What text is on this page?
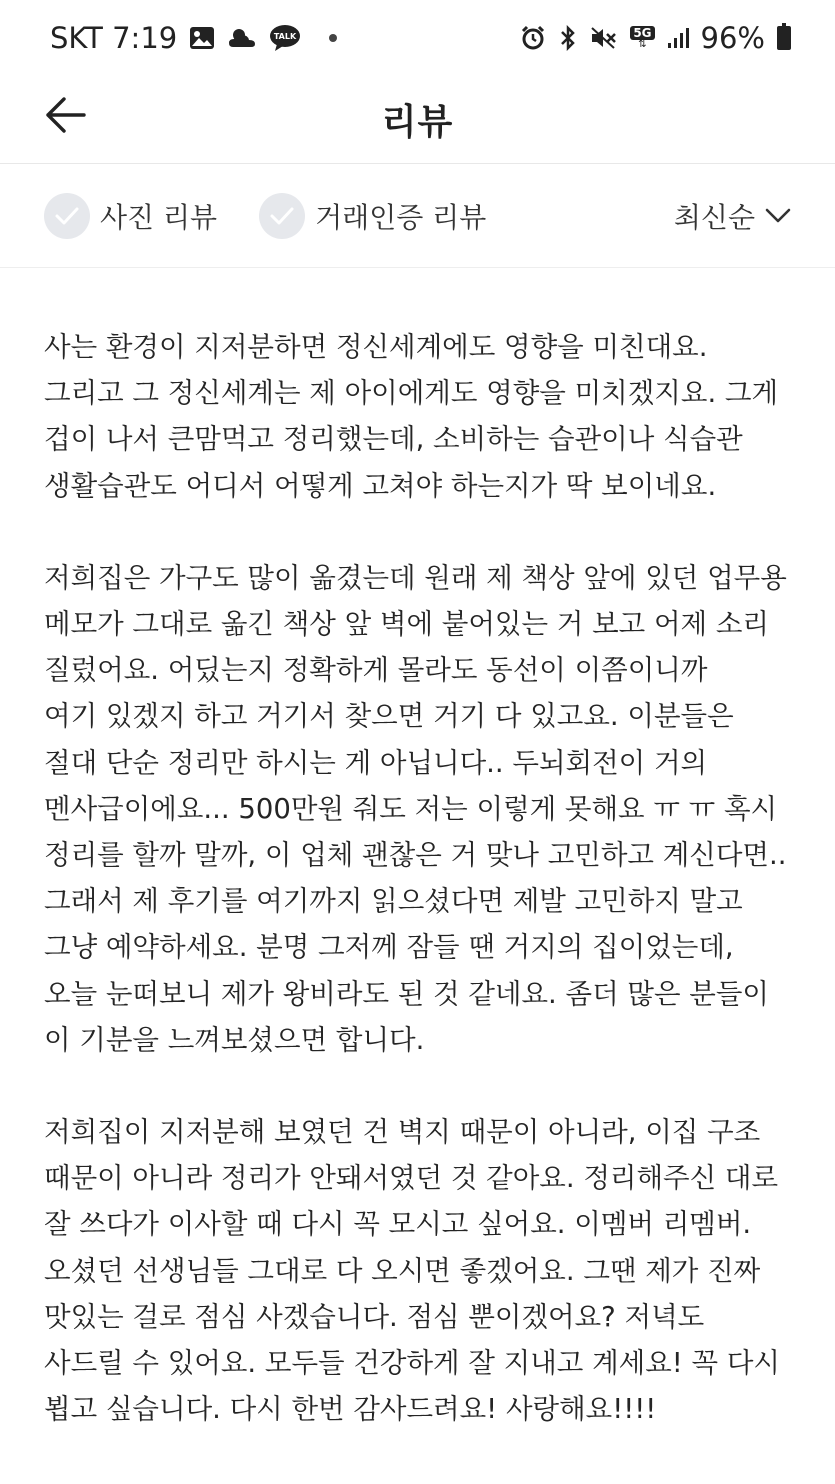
SKT 7:19	TALK	5G
⇅ 96%
리뷰
사진 리뷰	거래인증 리뷰	최신순

사는 환경이 지저분하면 정신세계에도 영향을 미친대요.
그리고 그 정신세계는 제 아이에게도 영향을 미치겠지요. 그게
겁이 나서 큰맘먹고 정리했는데, 소비하는 습관이나 식습관
생활습관도 어디서 어떻게 고쳐야 하는지가 딱 보이네요.

저희집은 가구도 많이 옮겼는데 원래 제 책상 앞에 있던 업무용
메모가 그대로 옮긴 책상 앞 벽에 붙어있는 거 보고 어제 소리
질렀어요. 어딨는지 정확하게 몰라도 동선이 이쯤이니까
여기 있겠지 하고 거기서 찾으면 거기 다 있고요. 이분들은
절대 단순 정리만 하시는 게 아닙니다.. 두뇌회전이 거의
멘사급이에요... 500만원 줘도 저는 이렇게 못해요 ㅠ ㅠ 혹시
정리를 할까 말까, 이 업체 괜찮은 거 맞나 고민하고 계신다면..
그래서 제 후기를 여기까지 읽으셨다면 제발 고민하지 말고
그냥 예약하세요. 분명 그저께 잠들 땐 거지의 집이었는데,
오늘 눈떠보니 제가 왕비라도 된 것 같네요. 좀더 많은 분들이
이 기분을 느껴보셨으면 합니다.

저희집이 지저분해 보였던 건 벽지 때문이 아니라, 이집 구조
때문이 아니라 정리가 안돼서였던 것 같아요. 정리해주신 대로
잘 쓰다가 이사할 때 다시 꼭 모시고 싶어요. 이멤버 리멤버.
오셨던 선생님들 그대로 다 오시면 좋겠어요. 그땐 제가 진짜
맛있는 걸로 점심 사겠습니다. 점심 뿐이겠어요? 저녁도
사드릴 수 있어요. 모두들 건강하게 잘 지내고 계세요! 꼭 다시
뵙고 싶습니다. 다시 한번 감사드려요! 사랑해요!!!!
